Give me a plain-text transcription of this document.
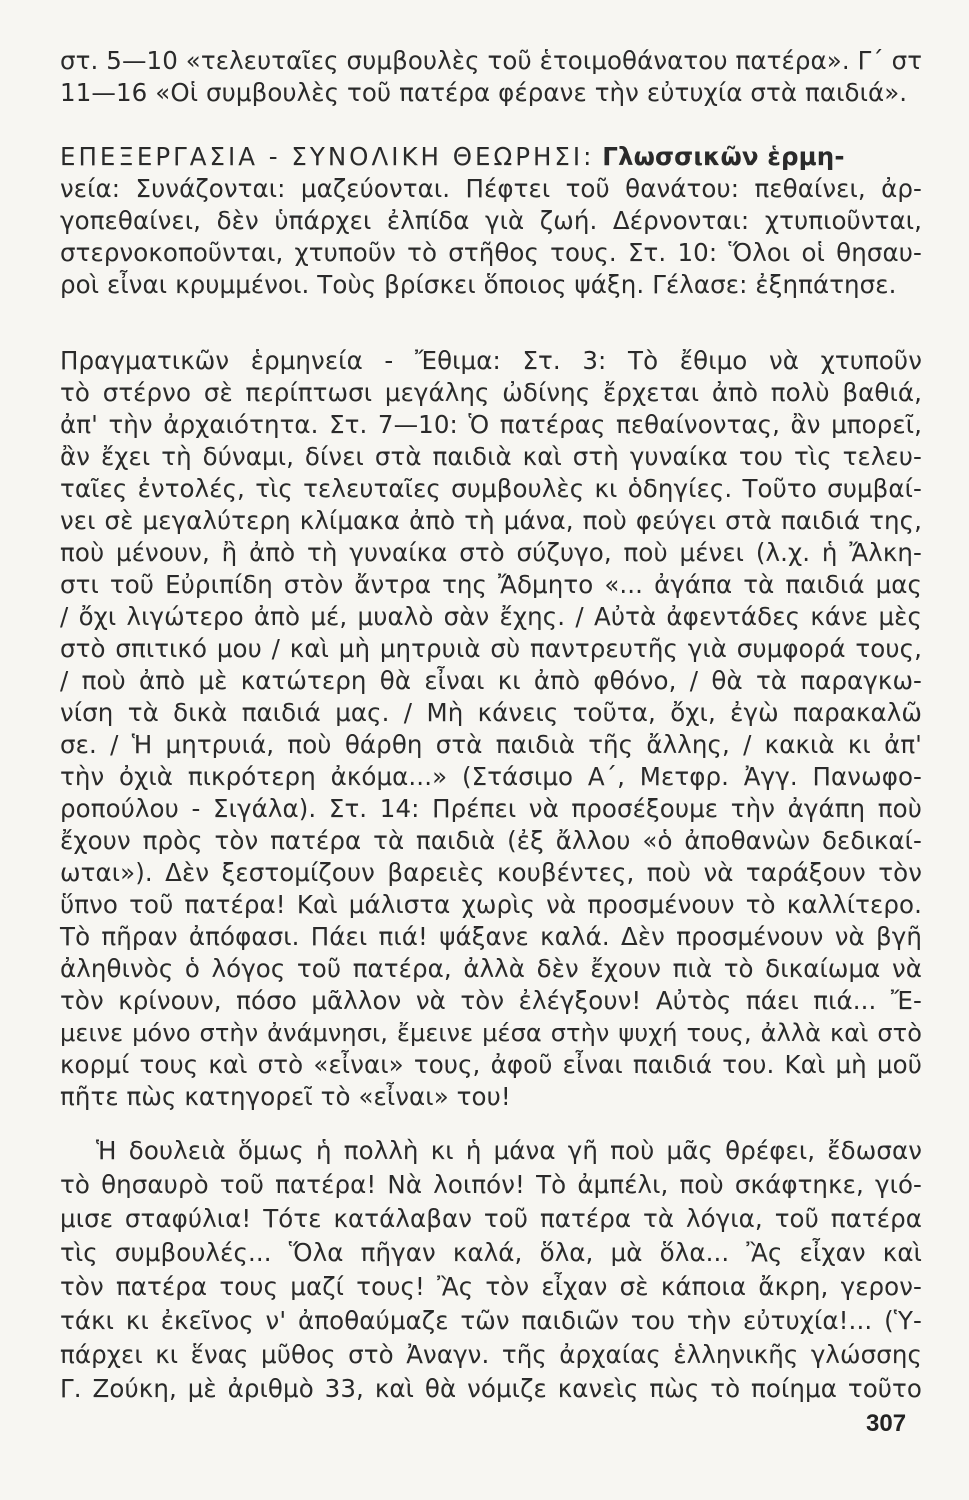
στ. 5—10 «τελευταῖες συμβουλὲς τοῦ ἑτοιμοθάνατου πατέρα». Γ΄ στ
11—16 «Οἱ συμβουλὲς τοῦ πατέρα φέρανε τὴν εὐτυχία στὰ παιδιά».
ΕΠΕΞΕΡΓΑΣΙΑ - ΣΥΝΟΛΙΚΗ ΘΕΩΡΗΣΙ: Γλωσσικῶν ἑρμη-
νεία: Συνάζονται: μαζεύονται. Πέφτει τοῦ θανάτου: πεθαίνει, ἀρ-
γοπεθαίνει, δὲν ὑπάρχει ἐλπίδα γιὰ ζωή. Δέρνονται: χτυπιοῦνται,
στερνοκοποῦνται, χτυποῦν τὸ στῆθος τους. Στ. 10: Ὅλοι οἱ θησαυ-
ροὶ εἶναι κρυμμένοι. Τοὺς βρίσκει ὅποιος ψάξη. Γέλασε: ἐξηπάτησε.
Πραγματικῶν ἑρμηνεία - Ἔθιμα: Στ. 3: Τὸ ἔθιμο νὰ χτυποῦν
τὸ στέρνο σὲ περίπτωσι μεγάλης ὠδίνης ἔρχεται ἀπὸ πολὺ βαθιά,
ἀπ' τὴν ἀρχαιότητα. Στ. 7—10: Ὁ πατέρας πεθαίνοντας, ἂν μπορεῖ,
ἂν ἔχει τὴ δύναμι, δίνει στὰ παιδιὰ καὶ στὴ γυναίκα του τὶς τελευ-
ταῖες ἐντολές, τὶς τελευταῖες συμβουλὲς κι ὁδηγίες. Τοῦτο συμβαί-
νει σὲ μεγαλύτερη κλίμακα ἀπὸ τὴ μάνα, ποὺ φεύγει στὰ παιδιά της,
ποὺ μένουν, ἢ ἀπὸ τὴ γυναίκα στὸ σύζυγο, ποὺ μένει (λ.χ. ἡ Ἄλκη-
στι τοῦ Εὐριπίδη στὸν ἄντρα της Ἄδμητο «... ἀγάπα τὰ παιδιά μας
/ ὄχι λιγώτερο ἀπὸ μέ, μυαλὸ σὰν ἔχης. / Αὐτὰ ἀφεντάδες κάνε μὲς
στὸ σπιτικό μου / καὶ μὴ μητρυιὰ σὺ παντρευτῆς γιὰ συμφορά τους,
/ ποὺ ἀπὸ μὲ κατώτερη θὰ εἶναι κι ἀπὸ φθόνο, / θὰ τὰ παραγκω-
νίση τὰ δικὰ παιδιά μας. / Μὴ κάνεις τοῦτα, ὄχι, ἐγὼ παρακαλῶ
σε. / Ἡ μητρυιά, ποὺ θάρθη στὰ παιδιὰ τῆς ἄλλης, / κακιὰ κι ἀπ'
τὴν ὀχιὰ πικρότερη ἀκόμα...» (Στάσιμο Α΄, Μετφρ. Ἀγγ. Πανωφο-
ροπούλου - Σιγάλα). Στ. 14: Πρέπει νὰ προσέξουμε τὴν ἀγάπη ποὺ
ἔχουν πρὸς τὸν πατέρα τὰ παιδιὰ (ἐξ ἄλλου «ὁ ἀποθανὼν δεδικαί-
ωται»). Δὲν ξεστομίζουν βαρειὲς κουβέντες, ποὺ νὰ ταράξουν τὸν
ὕπνο τοῦ πατέρα! Καὶ μάλιστα χωρὶς νὰ προσμένουν τὸ καλλίτερο.
Τὸ πῆραν ἀπόφασι. Πάει πιά! ψάξανε καλά. Δὲν προσμένουν νὰ βγῆ
ἀληθινὸς ὁ λόγος τοῦ πατέρα, ἀλλὰ δὲν ἔχουν πιὰ τὸ δικαίωμα νὰ
τὸν κρίνουν, πόσο μᾶλλον νὰ τὸν ἐλέγξουν! Αὐτὸς πάει πιά... Ἔ-
μεινε μόνο στὴν ἀνάμνησι, ἔμεινε μέσα στὴν ψυχή τους, ἀλλὰ καὶ στὸ
κορμί τους καὶ στὸ «εἶναι» τους, ἀφοῦ εἶναι παιδιά του. Καὶ μὴ μοῦ
πῆτε πὼς κατηγορεῖ τὸ «εἶναι» του!
Ἡ δουλειὰ ὅμως ἡ πολλὴ κι ἡ μάνα γῆ ποὺ μᾶς θρέφει, ἔδωσαν
τὸ θησαυρὸ τοῦ πατέρα! Νὰ λοιπόν! Τὸ ἀμπέλι, ποὺ σκάφτηκε, γιό-
μισε σταφύλια! Τότε κατάλαβαν τοῦ πατέρα τὰ λόγια, τοῦ πατέρα
τὶς συμβουλές... Ὅλα πῆγαν καλά, ὅλα, μὰ ὅλα... Ἂς εἶχαν καὶ
τὸν πατέρα τους μαζί τους! Ἂς τὸν εἶχαν σὲ κάποια ἄκρη, γερον-
τάκι κι ἐκεῖνος ν' ἀποθαύμαζε τῶν παιδιῶν του τὴν εὐτυχία!... (Ὑ-
πάρχει κι ἕνας μῦθος στὸ Ἀναγν. τῆς ἀρχαίας ἑλληνικῆς γλώσσης
Γ. Ζούκη, μὲ ἀριθμὸ 33, καὶ θὰ νόμιζε κανεὶς πὼς τὸ ποίημα τοῦτο
307
